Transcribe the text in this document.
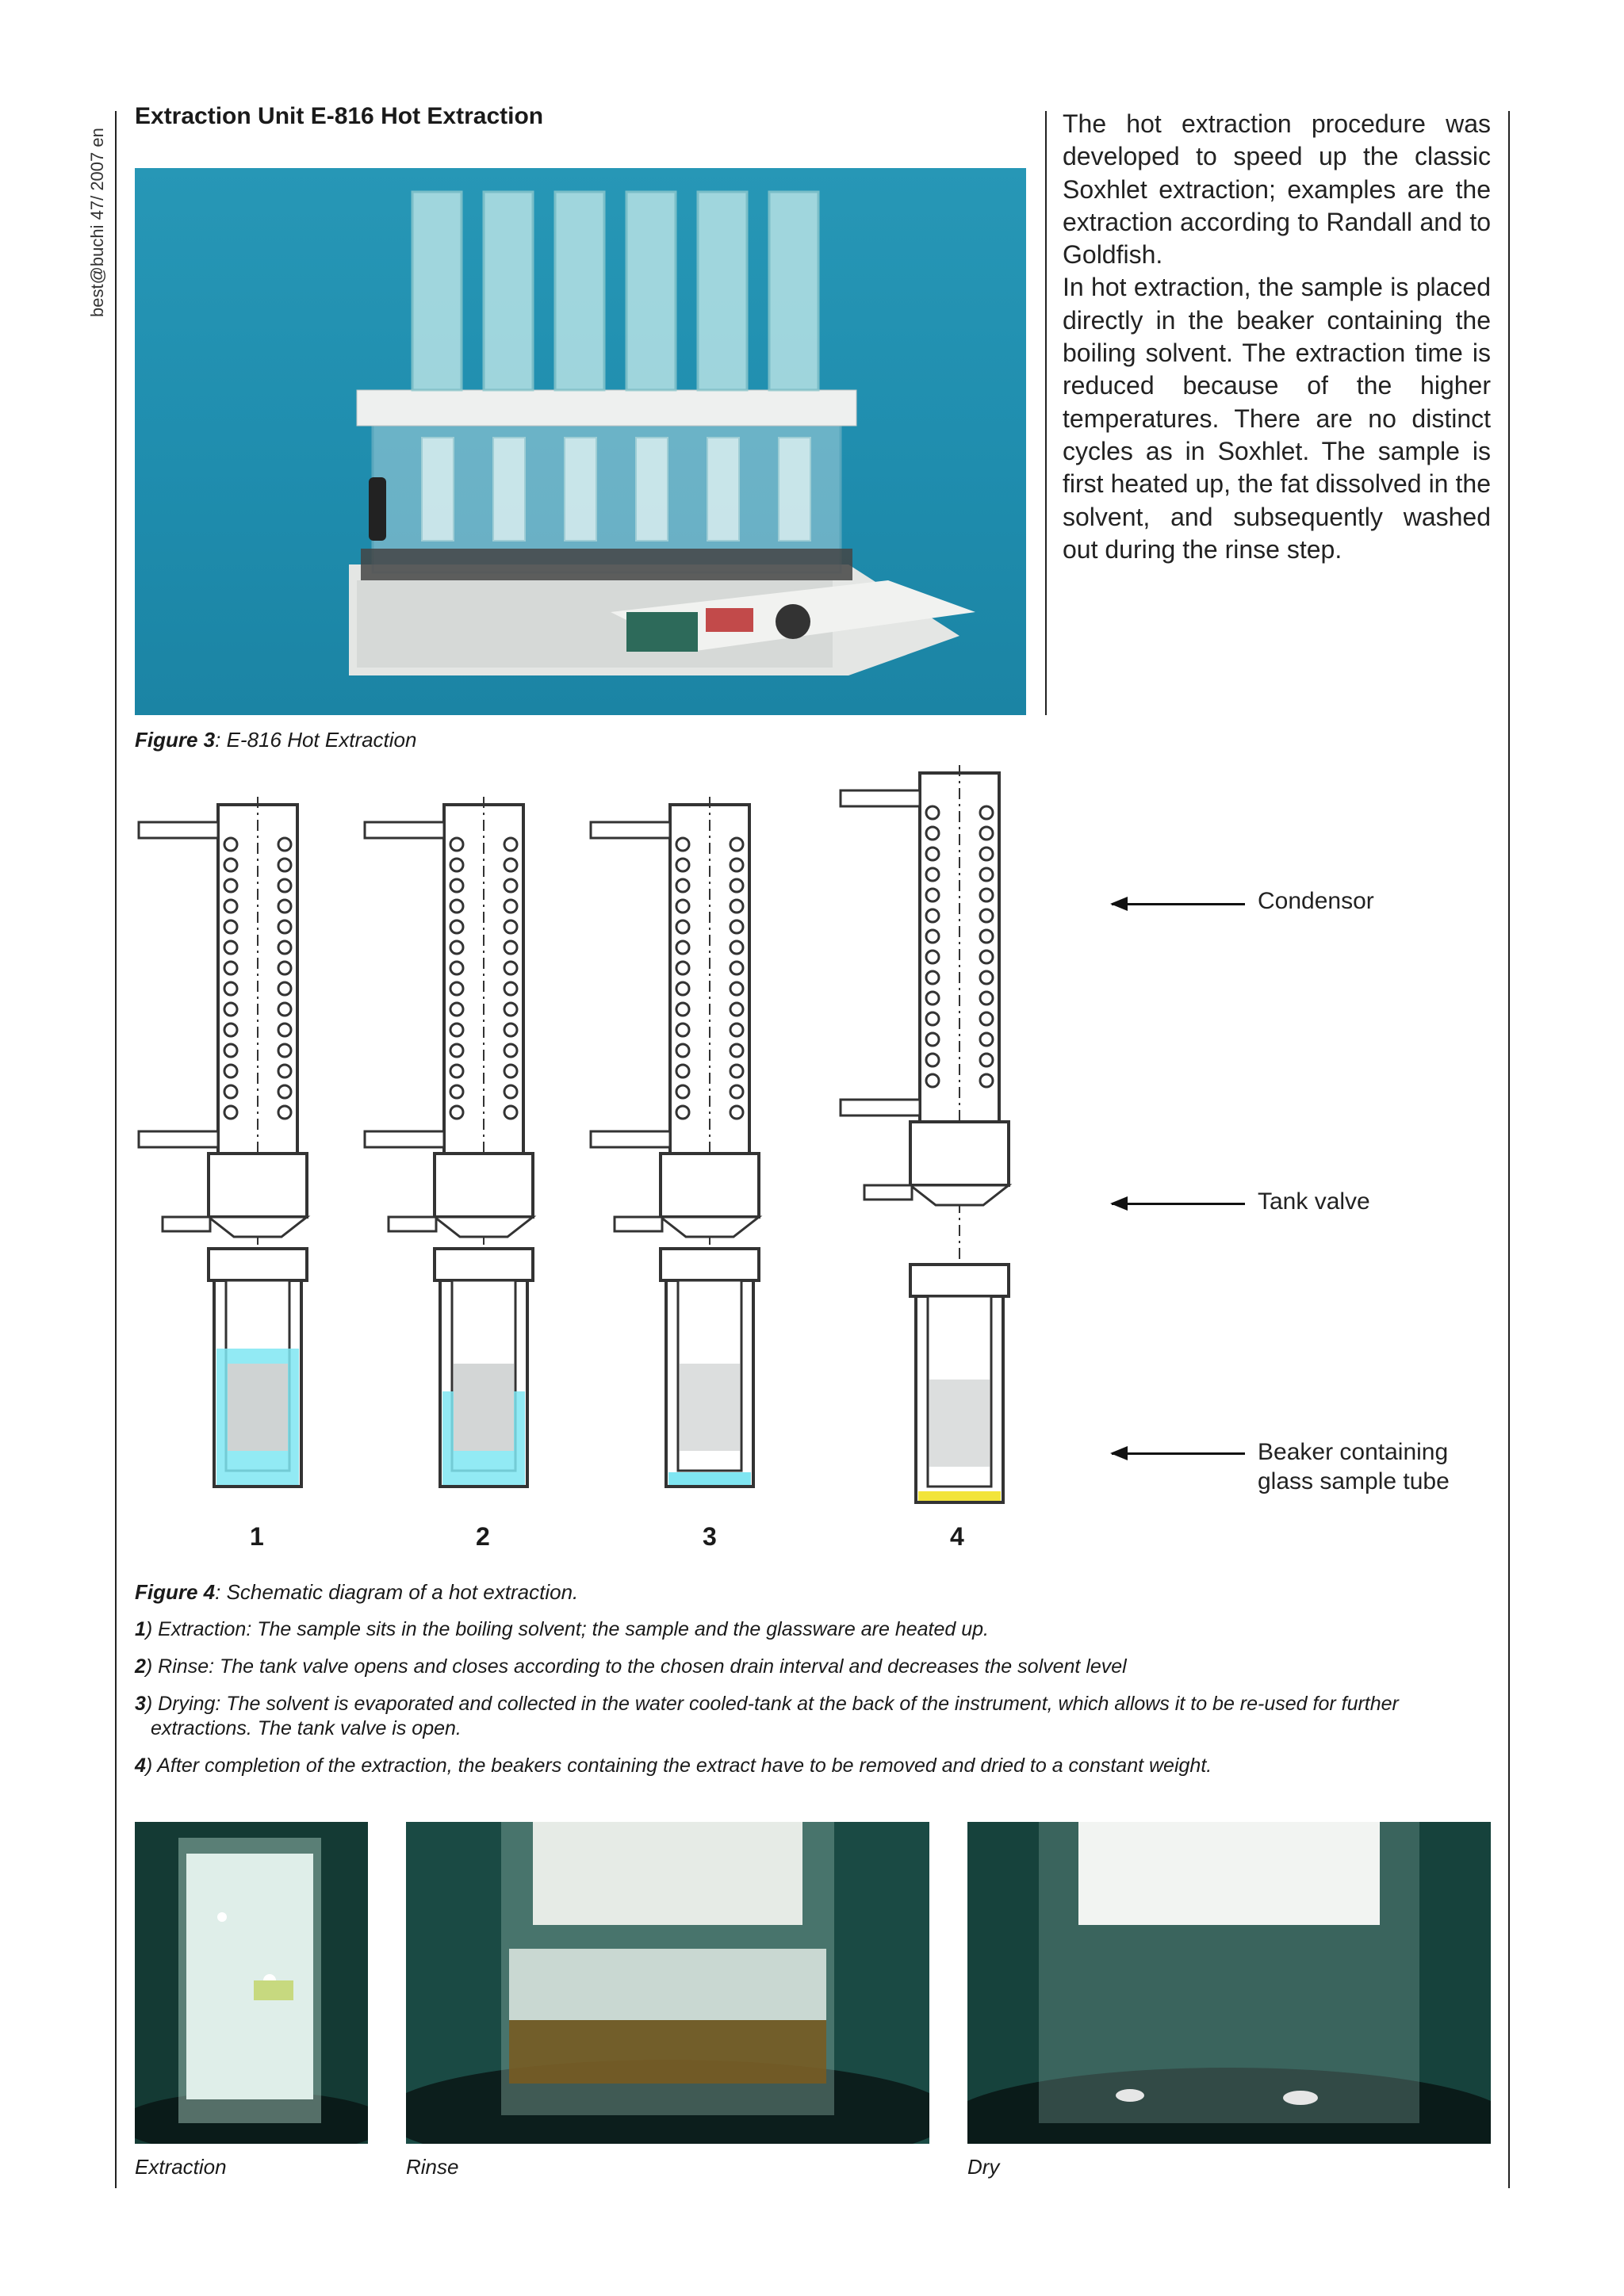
best@buchi 47/ 2007 en
Extraction Unit E-816 Hot Extraction
Figure 3: E-816 Hot Extraction

The hot extraction procedure was developed to speed up the classic Soxhlet extraction; examples are the extraction according to Randall and to Goldfish.

In hot extraction, the sample is placed directly in the beaker containing the boiling solvent. The extraction time is reduced because of the higher temperatures. There are no distinct cycles as in Soxhlet. The sample is first heated up, the fat dissolved in the solvent, and subsequently washed out during the rinse step.

1	2	3	4
Condensor
Tank valve
Beaker containing
glass sample tube
Figure 4: Schematic diagram of a hot extraction.
1) Extraction: The sample sits in the boiling solvent; the sample and the glassware are heated up.
2) Rinse: The tank valve opens and closes according to the chosen drain interval and decreases the solvent level
3) Drying: The solvent is evaporated and collected in the water cooled-tank at the back of the instrument, which allows it to be re-used for further
extractions. The tank valve is open.
4) After completion of the extraction, the beakers containing the extract have to be removed and dried to a constant weight.
Extraction	Rinse	Dry
